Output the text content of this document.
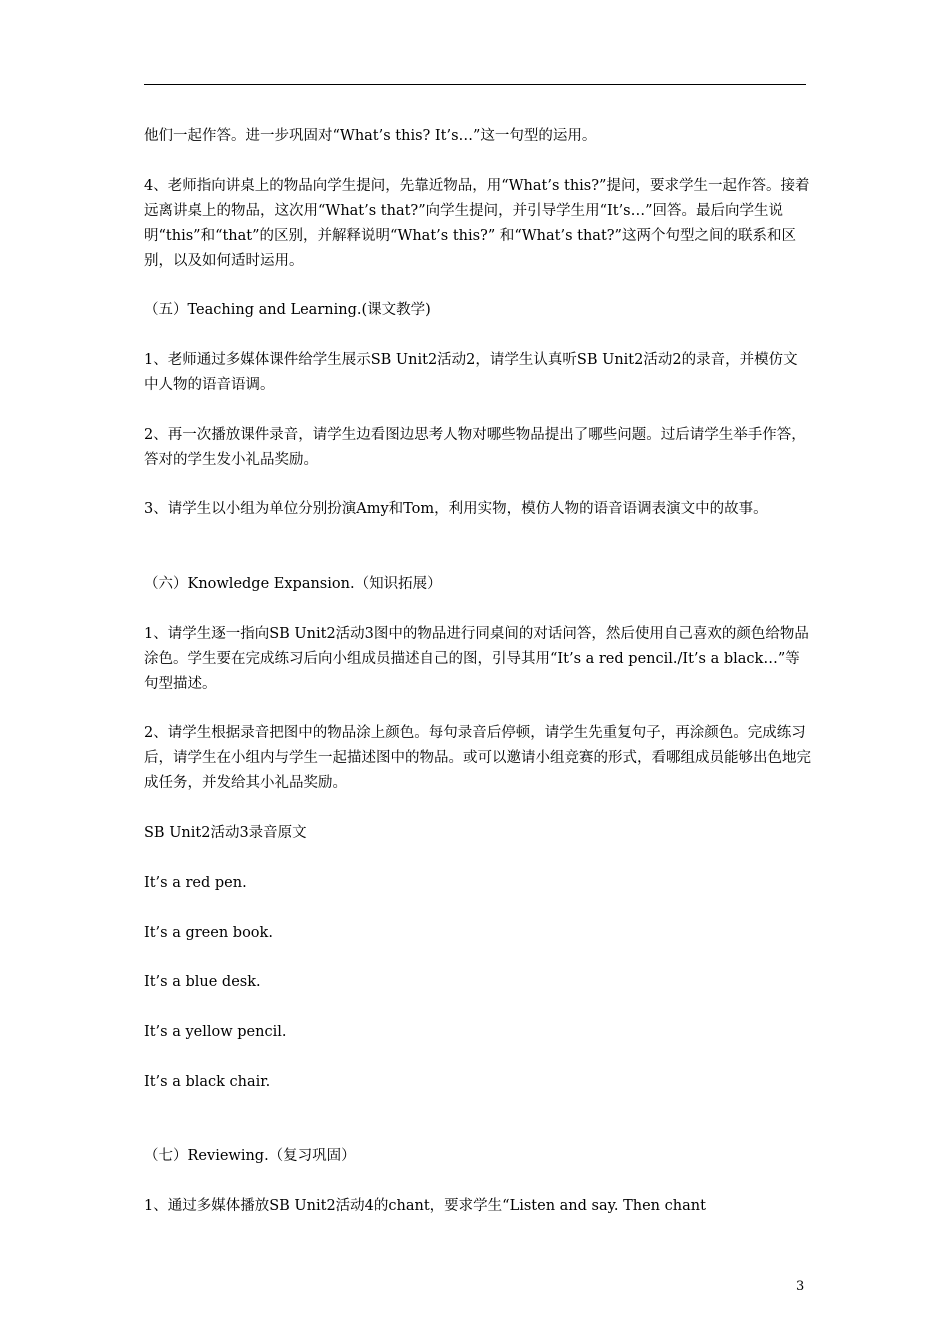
他们一起作答。进一步巩固对“What’s this? It’s…”这一句型的运用。

4、老师指向讲桌上的物品向学生提问，先靠近物品，用“What’s this?”提问，要求学生一起作答。接着远离讲桌上的物品，这次用“What’s that?”向学生提问，并引导学生用“It’s…”回答。最后向学生说明“this”和“that”的区别，并解释说明“What’s this?” 和“What’s that?”这两个句型之间的联系和区别，以及如何适时运用。

（五）Teaching and Learning.(课文教学)

1、老师通过多媒体课件给学生展示SB Unit2活动2，请学生认真听SB Unit2活动2的录音，并模仿文中人物的语音语调。

2、再一次播放课件录音，请学生边看图边思考人物对哪些物品提出了哪些问题。过后请学生举手作答，答对的学生发小礼品奖励。

3、请学生以小组为单位分别扮演Amy和Tom，利用实物，模仿人物的语音语调表演文中的故事。

（六）Knowledge Expansion.（知识拓展）

1、请学生逐一指向SB Unit2活动3图中的物品进行同桌间的对话问答，然后使用自己喜欢的颜色给物品涂色。学生要在完成练习后向小组成员描述自己的图，引导其用“It’s a red pencil./It’s a black…”等句型描述。

2、请学生根据录音把图中的物品涂上颜色。每句录音后停顿，请学生先重复句子，再涂颜色。完成练习后，请学生在小组内与学生一起描述图中的物品。或可以邀请小组竞赛的形式，看哪组成员能够出色地完成任务，并发给其小礼品奖励。

SB Unit2活动3录音原文

It’s a red pen.

It’s a green book.

It’s a blue desk.

It’s a yellow pencil.

It’s a black chair.

（七）Reviewing.（复习巩固）

1、通过多媒体播放SB Unit2活动4的chant，要求学生“Listen and say. Then chant

3
